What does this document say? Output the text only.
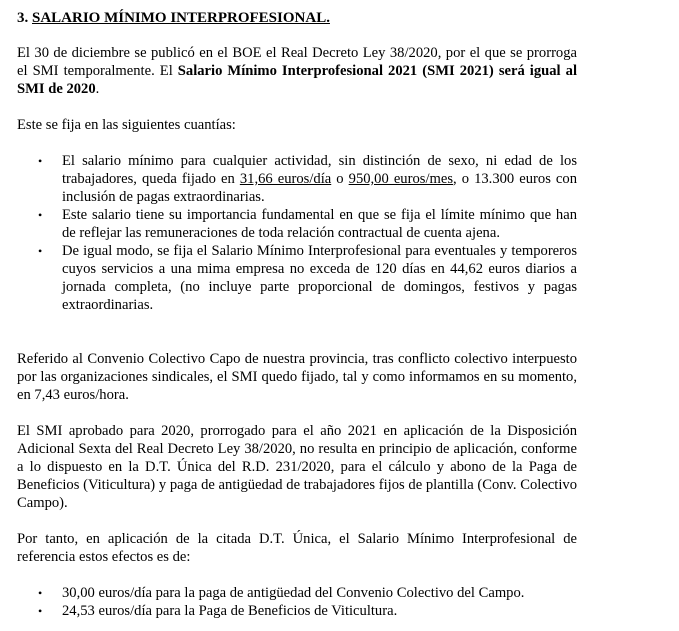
3. SALARIO MÍNIMO INTERPROFESIONAL.

El 30 de diciembre se publicó en el BOE el Real Decreto Ley 38/2020, por el que se prorroga el SMI temporalmente. El Salario Mínimo Interprofesional 2021 (SMI 2021) será igual al SMI de 2020.

Este se fija en las siguientes cuantías:

• El salario mínimo para cualquier actividad, sin distinción de sexo, ni edad de los trabajadores, queda fijado en 31,66 euros/día o 950,00 euros/mes, o 13.300 euros con inclusión de pagas extraordinarias.
• Este salario tiene su importancia fundamental en que se fija el límite mínimo que han de reflejar las remuneraciones de toda relación contractual de cuenta ajena.
• De igual modo, se fija el Salario Mínimo Interprofesional para eventuales y temporeros cuyos servicios a una mima empresa no exceda de 120 días en 44,62 euros diarios a jornada completa, (no incluye parte proporcional de domingos, festivos y pagas extraordinarias.

Referido al Convenio Colectivo Capo de nuestra provincia, tras conflicto colectivo interpuesto por las organizaciones sindicales, el SMI quedo fijado, tal y como informamos en su momento, en 7,43 euros/hora.

El SMI aprobado para 2020, prorrogado para el año 2021 en aplicación de la Disposición Adicional Sexta del Real Decreto Ley 38/2020, no resulta en principio de aplicación, conforme a lo dispuesto en la D.T. Única del R.D. 231/2020, para el cálculo y abono de la Paga de Beneficios (Viticultura) y paga de antigüedad de trabajadores fijos de plantilla (Conv. Colectivo Campo).

Por tanto, en aplicación de la citada D.T. Única, el Salario Mínimo Interprofesional de referencia estos efectos es de:

• 30,00 euros/día para la paga de antigüedad del Convenio Colectivo del Campo.
• 24,53 euros/día para la Paga de Beneficios de Viticultura.
